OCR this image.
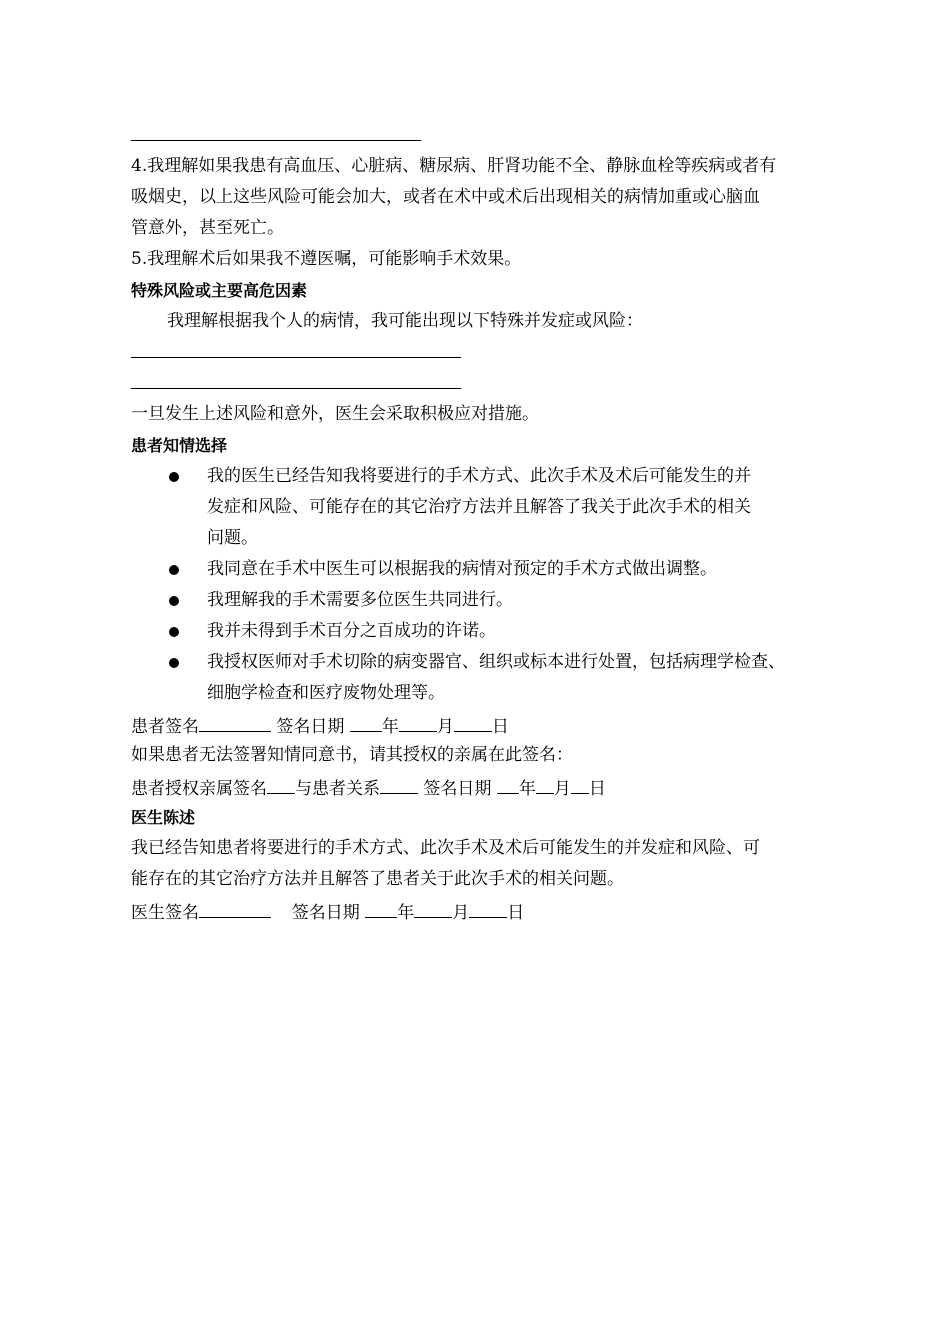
4.我理解如果我患有高血压、心脏病、糖尿病、肝肾功能不全、静脉血栓等疾病或者有
吸烟史，以上这些风险可能会加大，或者在术中或术后出现相关的病情加重或心脑血
管意外，甚至死亡。
5.我理解术后如果我不遵医嘱，可能影响手术效果。
特殊风险或主要高危因素
我理解根据我个人的病情，我可能出现以下特殊并发症或风险：
一旦发生上述风险和意外，医生会采取积极应对措施。
患者知情选择
我的医生已经告知我将要进行的手术方式、此次手术及术后可能发生的并
发症和风险、可能存在的其它治疗方法并且解答了我关于此次手术的相关
问题。
我同意在手术中医生可以根据我的病情对预定的手术方式做出调整。
我理解我的手术需要多位医生共同进行。
我并未得到手术百分之百成功的许诺。
我授权医师对手术切除的病变器官、组织或标本进行处置，包括病理学检查、
细胞学检查和医疗废物处理等。
患者签名	签名日期 年 月 日
如果患者无法签署知情同意书，请其授权的亲属在此签名：
患者授权亲属签名 与患者关系	签名日期 年 月 日
医生陈述
我已经告知患者将要进行的手术方式、此次手术及术后可能发生的并发症和风险、可
能存在的其它治疗方法并且解答了患者关于此次手术的相关问题。
医生签名	签名日期 年 月 日
